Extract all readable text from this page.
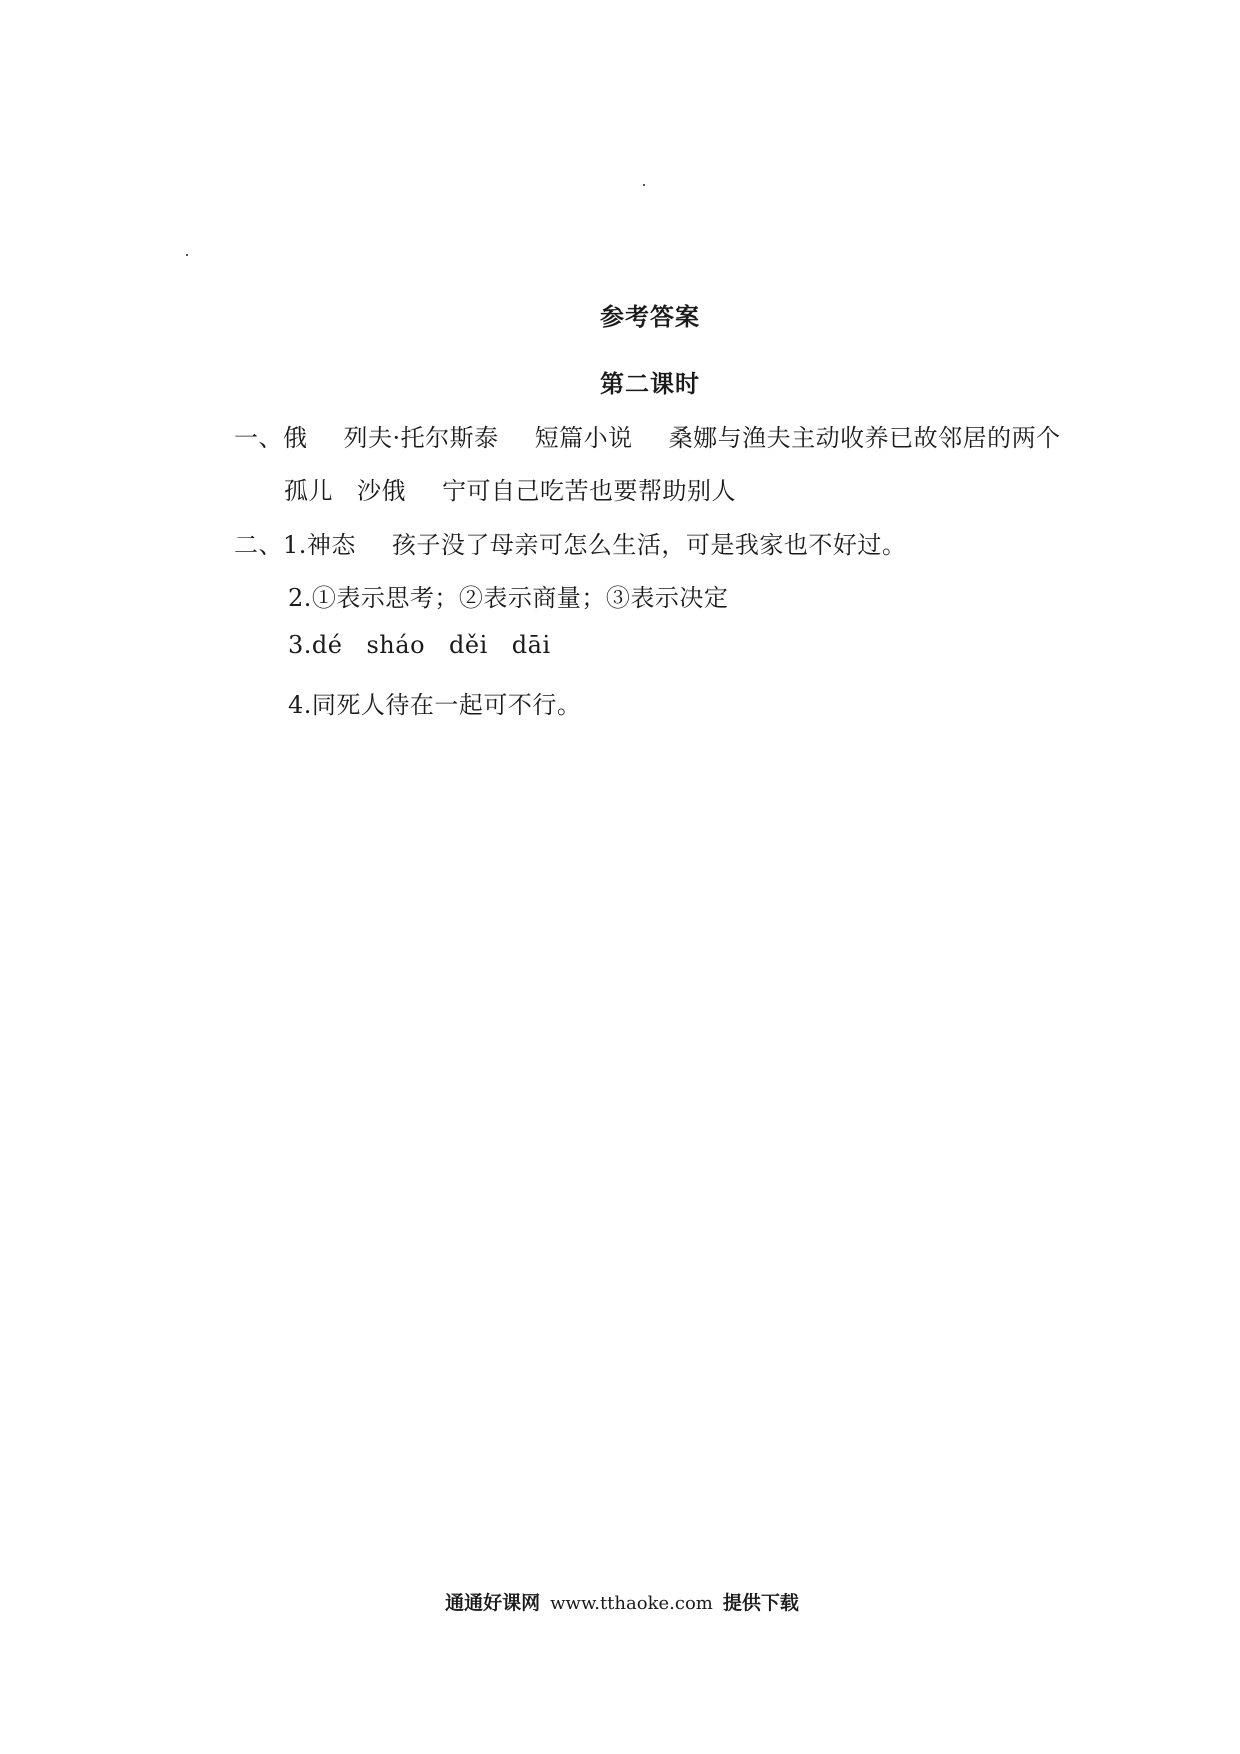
参考答案
第二课时
一、俄 列夫·托尔斯泰 短篇小说 桑娜与渔夫主动收养已故邻居的两个
孤儿 沙俄 宁可自己吃苦也要帮助别人
二、1.神态 孩子没了母亲可怎么生活，可是我家也不好过。
2.①表示思考；②表示商量；③表示决定
3.dé sháo děi dāi
4.同死人待在一起可不行。
通通好课网 www.tthaoke.com 提供下载
